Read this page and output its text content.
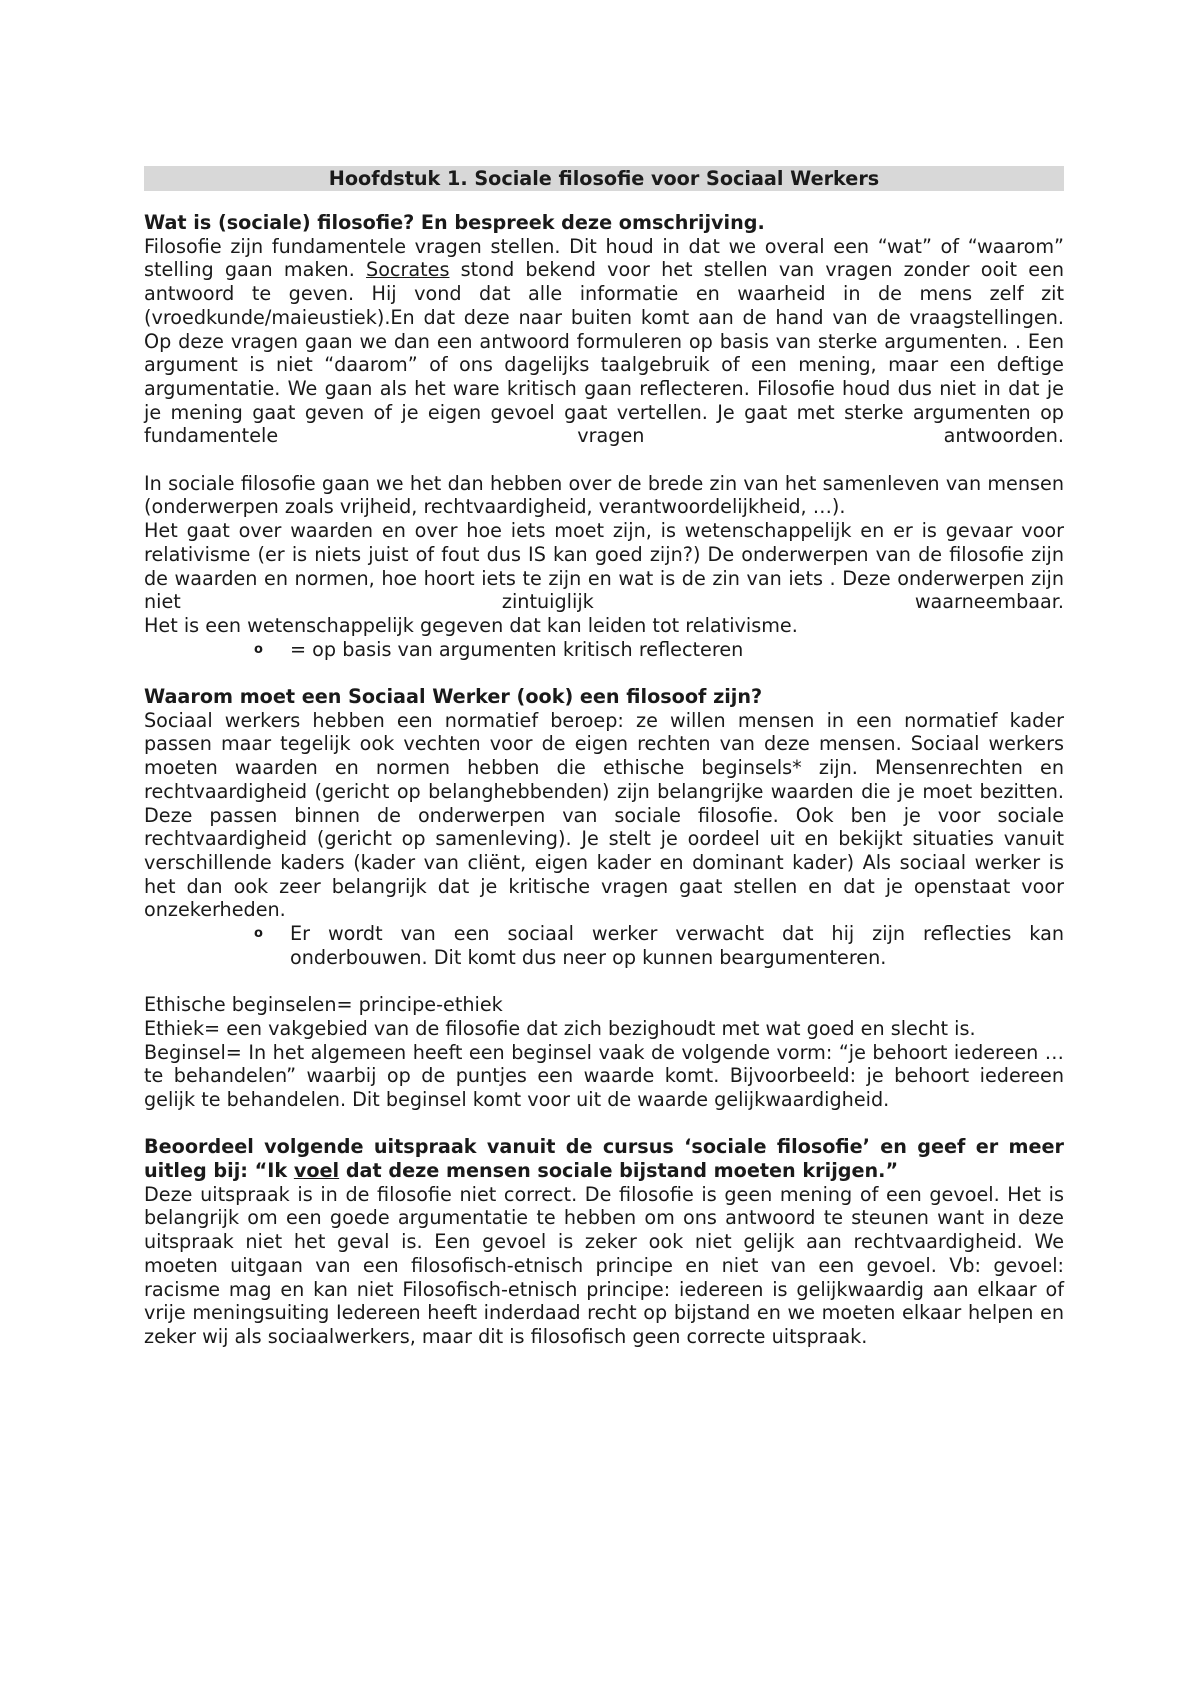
Hoofdstuk 1. Sociale filosofie voor Sociaal Werkers

Wat is (sociale) filosofie? En bespreek deze omschrijving.

Filosofie zijn fundamentele vragen stellen. Dit houd in dat we overal een “wat” of “waarom” stelling gaan maken. Socrates stond bekend voor het stellen van vragen zonder ooit een antwoord te geven. Hij vond dat alle informatie en waarheid in de mens zelf zit (vroedkunde/maieustiek).En dat deze naar buiten komt aan de hand van de vraagstellingen. Op deze vragen gaan we dan een antwoord formuleren op basis van sterke argumenten. . Een argument is niet “daarom” of ons dagelijks taalgebruik of een mening, maar een deftige argumentatie. We gaan als het ware kritisch gaan reflecteren. Filosofie houd dus niet in dat je je mening gaat geven of je eigen gevoel gaat vertellen. Je gaat met sterke argumenten op fundamentele vragen antwoorden.

In sociale filosofie gaan we het dan hebben over de brede zin van het samenleven van mensen (onderwerpen zoals vrijheid, rechtvaardigheid, verantwoordelijkheid, …).

Het gaat over waarden en over hoe iets moet zijn, is wetenschappelijk en er is gevaar voor relativisme (er is niets juist of fout dus IS kan goed zijn?) De onderwerpen van de filosofie zijn de waarden en normen, hoe hoort iets te zijn en wat is de zin van iets . Deze onderwerpen zijn niet zintuiglijk waarneembaar.

Het is een wetenschappelijk gegeven dat kan leiden tot relativisme.

o = op basis van argumenten kritisch reflecteren

Waarom moet een Sociaal Werker (ook) een filosoof zijn?

Sociaal werkers hebben een normatief beroep: ze willen mensen in een normatief kader passen maar tegelijk ook vechten voor de eigen rechten van deze mensen. Sociaal werkers moeten waarden en normen hebben die ethische beginsels* zijn. Mensenrechten en rechtvaardigheid (gericht op belanghebbenden) zijn belangrijke waarden die je moet bezitten. Deze passen binnen de onderwerpen van sociale filosofie. Ook ben je voor sociale rechtvaardigheid (gericht op samenleving). Je stelt je oordeel uit en bekijkt situaties vanuit verschillende kaders (kader van cliënt, eigen kader en dominant kader) Als sociaal werker is het dan ook zeer belangrijk dat je kritische vragen gaat stellen en dat je openstaat voor onzekerheden.

o Er wordt van een sociaal werker verwacht dat hij zijn reflecties kan onderbouwen. Dit komt dus neer op kunnen beargumenteren.

Ethische beginselen= principe-ethiek

Ethiek= een vakgebied van de filosofie dat zich bezighoudt met wat goed en slecht is.

Beginsel= In het algemeen heeft een beginsel vaak de volgende vorm: “je behoort iedereen … te behandelen” waarbij op de puntjes een waarde komt. Bijvoorbeeld: je behoort iedereen gelijk te behandelen. Dit beginsel komt voor uit de waarde gelijkwaardigheid.

Beoordeel volgende uitspraak vanuit de cursus ‘sociale filosofie’ en geef er meer uitleg bij: “Ik voel dat deze mensen sociale bijstand moeten krijgen.”

Deze uitspraak is in de filosofie niet correct. De filosofie is geen mening of een gevoel. Het is belangrijk om een goede argumentatie te hebben om ons antwoord te steunen want in deze uitspraak niet het geval is. Een gevoel is zeker ook niet gelijk aan rechtvaardigheid. We moeten uitgaan van een filosofisch-etnisch principe en niet van een gevoel. Vb: gevoel: racisme mag en kan niet Filosofisch-etnisch principe: iedereen is gelijkwaardig aan elkaar of vrije meningsuiting Iedereen heeft inderdaad recht op bijstand en we moeten elkaar helpen en zeker wij als sociaalwerkers, maar dit is filosofisch geen correcte uitspraak.
